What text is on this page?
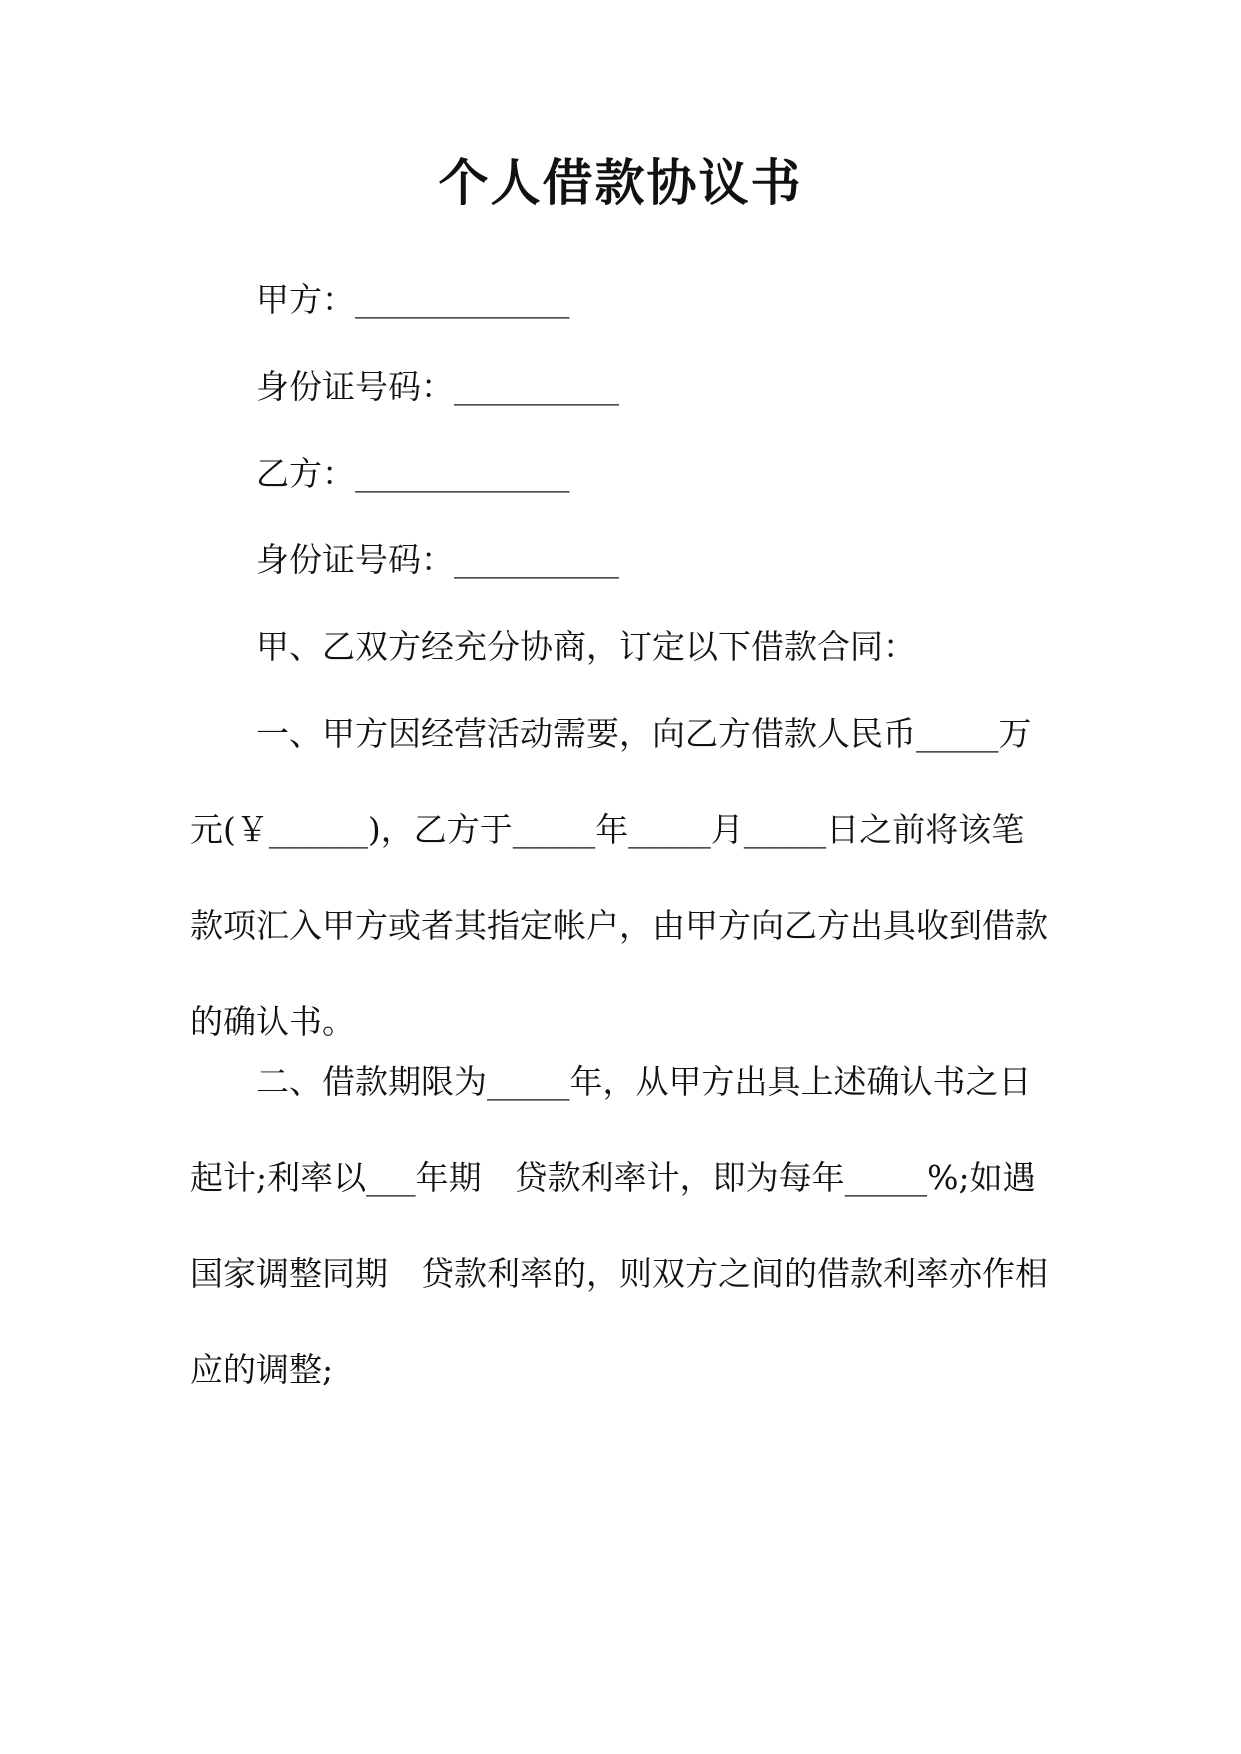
个人借款协议书

甲方：_____________

身份证号码：__________

乙方：_____________

身份证号码：__________

甲、乙双方经充分协商，订定以下借款合同：

一、甲方因经营活动需要，向乙方借款人民币_____万元(￥______)，乙方于_____年_____月_____日之前将该笔款项汇入甲方或者其指定帐户，由甲方向乙方出具收到借款的确认书。

二、借款期限为_____年，从甲方出具上述确认书之日起计;利率以___年期　贷款利率计，即为每年_____%;如遇国家调整同期　贷款利率的，则双方之间的借款利率亦作相应的调整;
